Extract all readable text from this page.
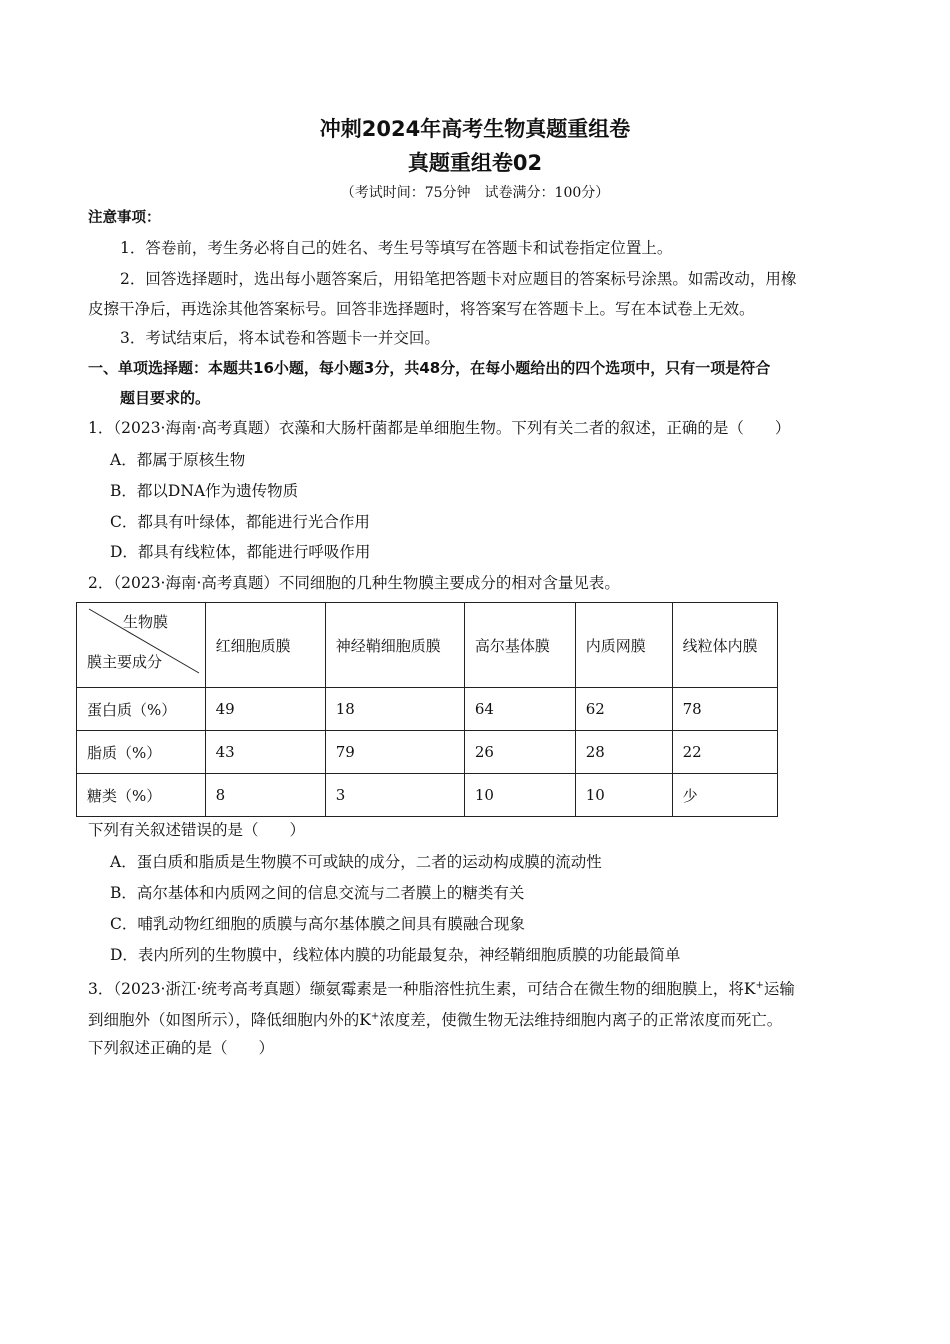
冲刺2024年高考生物真题重组卷
真题重组卷02
（考试时间：75分钟　试卷满分：100分）
注意事项：
1．答卷前，考生务必将自己的姓名、考生号等填写在答题卡和试卷指定位置上。
2．回答选择题时，选出每小题答案后，用铅笔把答题卡对应题目的答案标号涂黑。如需改动，用橡
皮擦干净后，再选涂其他答案标号。回答非选择题时，将答案写在答题卡上。写在本试卷上无效。
3．考试结束后，将本试卷和答题卡一并交回。
一、单项选择题：本题共16小题，每小题3分，共48分，在每小题给出的四个选项中，只有一项是符合
题目要求的。
1．（2023·海南·高考真题）衣藻和大肠杆菌都是单细胞生物。下列有关二者的叙述，正确的是（　　）
A．都属于原核生物
B．都以DNA作为遗传物质
C．都具有叶绿体，都能进行光合作用
D．都具有线粒体，都能进行呼吸作用
2．（2023·海南·高考真题）不同细胞的几种生物膜主要成分的相对含量见表。
生物膜
膜主要成分	红细胞质膜	神经鞘细胞质膜	高尔基体膜	内质网膜	线粒体内膜
蛋白质（%）	49	18	64	62	78
脂质（%）	43	79	26	28	22
糖类（%）	8	3	10	10	少
下列有关叙述错误的是（　　）
A．蛋白质和脂质是生物膜不可或缺的成分，二者的运动构成膜的流动性
B．高尔基体和内质网之间的信息交流与二者膜上的糖类有关
C．哺乳动物红细胞的质膜与高尔基体膜之间具有膜融合现象
D．表内所列的生物膜中，线粒体内膜的功能最复杂，神经鞘细胞质膜的功能最简单
3．（2023·浙江·统考高考真题）缬氨霉素是一种脂溶性抗生素，可结合在微生物的细胞膜上，将K+运输
到细胞外（如图所示），降低细胞内外的K+浓度差，使微生物无法维持细胞内离子的正常浓度而死亡。
下列叙述正确的是（　　）
